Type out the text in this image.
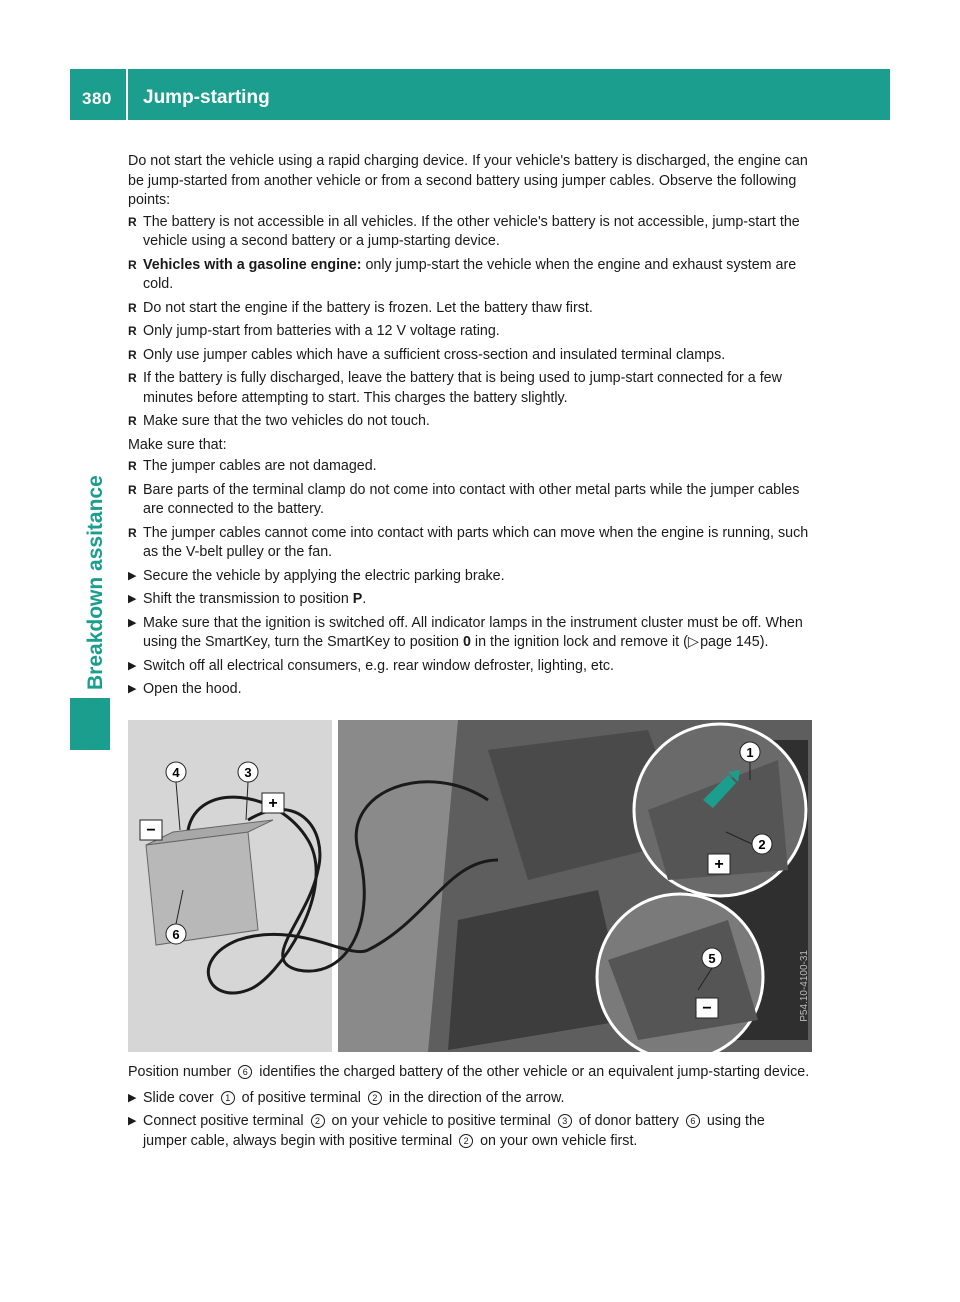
380 Jump-starting
Breakdown assitance

Do not start the vehicle using a rapid charging device. If your vehicle's battery is discharged, the engine can be jump-started from another vehicle or from a second battery using jumper cables. Observe the following points:

R The battery is not accessible in all vehicles. If the other vehicle's battery is not accessible, jump-start the vehicle using a second battery or a jump-starting device.
R Vehicles with a gasoline engine: only jump-start the vehicle when the engine and exhaust system are cold.
R Do not start the engine if the battery is frozen. Let the battery thaw first.
R Only jump-start from batteries with a 12 V voltage rating.
R Only use jumper cables which have a sufficient cross-section and insulated terminal clamps.
R If the battery is fully discharged, leave the battery that is being used to jump-start connected for a few minutes before attempting to start. This charges the battery slightly.
R Make sure that the two vehicles do not touch.

Make sure that:

R The jumper cables are not damaged.
R Bare parts of the terminal clamp do not come into contact with other metal parts while the jumper cables are connected to the battery.
R The jumper cables cannot come into contact with parts which can move when the engine is running, such as the V-belt pulley or the fan.
▶ Secure the vehicle by applying the electric parking brake.
▶ Shift the transmission to position P.
▶ Make sure that the ignition is switched off. All indicator lamps in the instrument cluster must be off. When using the SmartKey, turn the SmartKey to position 0 in the ignition lock and remove it (▷ page 145).
▶ Switch off all electrical consumers, e.g. rear window defroster, lighting, etc.
▶ Open the hood.
+
−
+
−
4	3
6
1
2
5	P54.10-4100-31

Position number 6 identifies the charged battery of the other vehicle or an equivalent jump-starting device.

▶ Slide cover 1 of positive terminal 2 in the direction of the arrow.
▶ Connect positive terminal 2 on your vehicle to positive terminal 3 of donor battery 6 using the jumper cable, always begin with positive terminal 2 on your own vehicle first.
